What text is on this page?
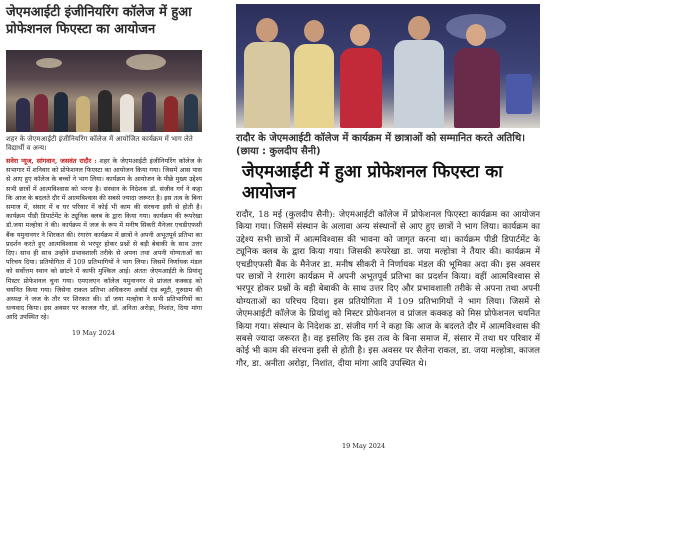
जेएमआईटी इंजीनियरिंग कॉलेज में हुआ प्रोफेशनल फिएस्टा का आयोजन

शहर के जेएमआईटी इंजीनियरिंग कॉलेज में आयोजित कार्यक्रम में भाग लेते विद्यार्थी व अन्य।

सवेरा न्यूज, सांगवान, जसवंत रादौर : शहर के जेएमआईटी इंजीनियरिंग कॉलेज के सभागार में शनिवार को प्रोफेशनल फिएस्टा का आयोजन किया गया। जिसमें आस पास से आए हुए कॉलेज के बच्चों ने भाग लिया। कार्यक्रम के आयोजन के पीछे मुख्य उद्देश्य सभी छात्रों में आत्मविश्वास को भरना है। संस्थान के निदेशक डॉ. संजीव गर्ग ने कहा कि आज के बदलते दौर में आत्मविश्वास की सबसे ज्यादा जरूरत है। इस तत्व के बिना समाज में, संसार में व घर परिवार में कोई भी काम की संरचना इसी से होती है। कार्यक्रम पीडी डिपार्टमेंट के ट्यूनिक क्लब के द्वारा किया गया। कार्यक्रम की रूपरेखा डॉ.जया मल्होत्रा ने की। कार्यक्रम में जज के रूप में मनीष सिकरी मैनेजर एचडीएफसी बैंक यमुनानगर ने शिरकत की। रंगारंग कार्यक्रम में छात्रों ने अपनी अभूतपूर्व प्रतिभा का प्रदर्शन करते हुए आत्मविश्वास से भरपूर होकर प्रश्नों से बड़ी बेबाकी के साथ उत्तर दिए। साथ ही साथ उन्होंने प्रभावशाली तरीके से अपना तथा अपनी योग्यताओं का परिचय दिया। प्रतियोगिता में 109 प्रतिभागियों ने भाग लिया। जिसमें निर्णायक मंडल को सर्वोत्तम स्थान को छांटने में काफी मुश्किल आई। अंततः जेएमआईटी के प्रियांशु मिस्टर प्रोफेशनल चुना गया। एमएलएन कॉलेज यमुनानगर से प्रांजल कक्कड़ को चयनित किया गया। जिसेना राकल प्रतिभा अधिकरण अवॉर्ड एंड ब्यूटी, गुरुग्राम की अध्यक्ष ने जज के तौर पर शिरकत की। डॉ जया मल्होत्रा ने सभी प्रतिभागियों का धन्यवाद किया। इस अवसर पर काजल गौर, डॉ. अनिता अरोड़ा, निशांत, दिया मांगा आदि उपस्थित रहे।

19 May 2024

रादौर के जेएमआईटी कॉलेज में कार्यक्रम में छात्राओं को सम्मानित करते अतिथि। (छाया : कुलदीप सैनी)

जेएमआईटी में हुआ प्रोफेशनल फिएस्टा का आयोजन

रादौर, 18 मई (कुलदीप सैनी): जेएमआईटी कॉलेज में प्रोफेशनल फिएस्टा कार्यक्रम का आयोजन किया गया। जिसमें संस्थान के अलावा अन्य संस्थानों से आए हुए छात्रों ने भाग लिया। कार्यक्रम का उद्देश्य सभी छात्रों में आत्मविश्वास की भावना को जागृत करना था। कार्यक्रम पीडी डिपार्टमेंट के ट्यूनिक क्लब के द्वारा किया गया। जिसकी रूपरेखा डा. जया मल्होत्रा ने तैयार की। कार्यक्रम में एचडीएफसी बैंक के मैनेजर डा. मनीष सीकरी ने निर्णायक मंडल की भूमिका अदा की। इस अवसर पर छात्रों ने रंगारंग कार्यक्रम में अपनी अभूतपूर्व प्रतिभा का प्रदर्शन किया। वहीं आत्मविश्वास से भरपूर होकर प्रश्नों के बड़ी बेबाकी के साथ उत्तर दिए और प्रभावशाली तरीके से अपना तथा अपनी योग्यताओं का परिचय दिया। इस प्रतियोगिता में 109 प्रतिभागियों ने भाग लिया। जिसमें से जेएमआईटी कॉलेज के प्रियांशु को मिस्टर प्रोफेशनल व प्रांजल कक्कड़ को मिस प्रोफेशनल चयनित किया गया। संस्थान के निदेशक डा. संजीव गर्ग ने कहा कि आज के बदलते दौर में आत्मविश्वास की सबसे ज्यादा जरूरत है। वह इसलिए कि इस तत्व के बिना समाज में, संसार में तथा घर परिवार में कोई भी काम की संरचना इसी से होती है। इस अवसर पर सैलेना राकल, डा. जया मल्होत्रा, काजल गौर, डा. अनीता अरोड़ा, निशांत, दीया मांगा आदि उपस्थित थे।

19 May 2024
